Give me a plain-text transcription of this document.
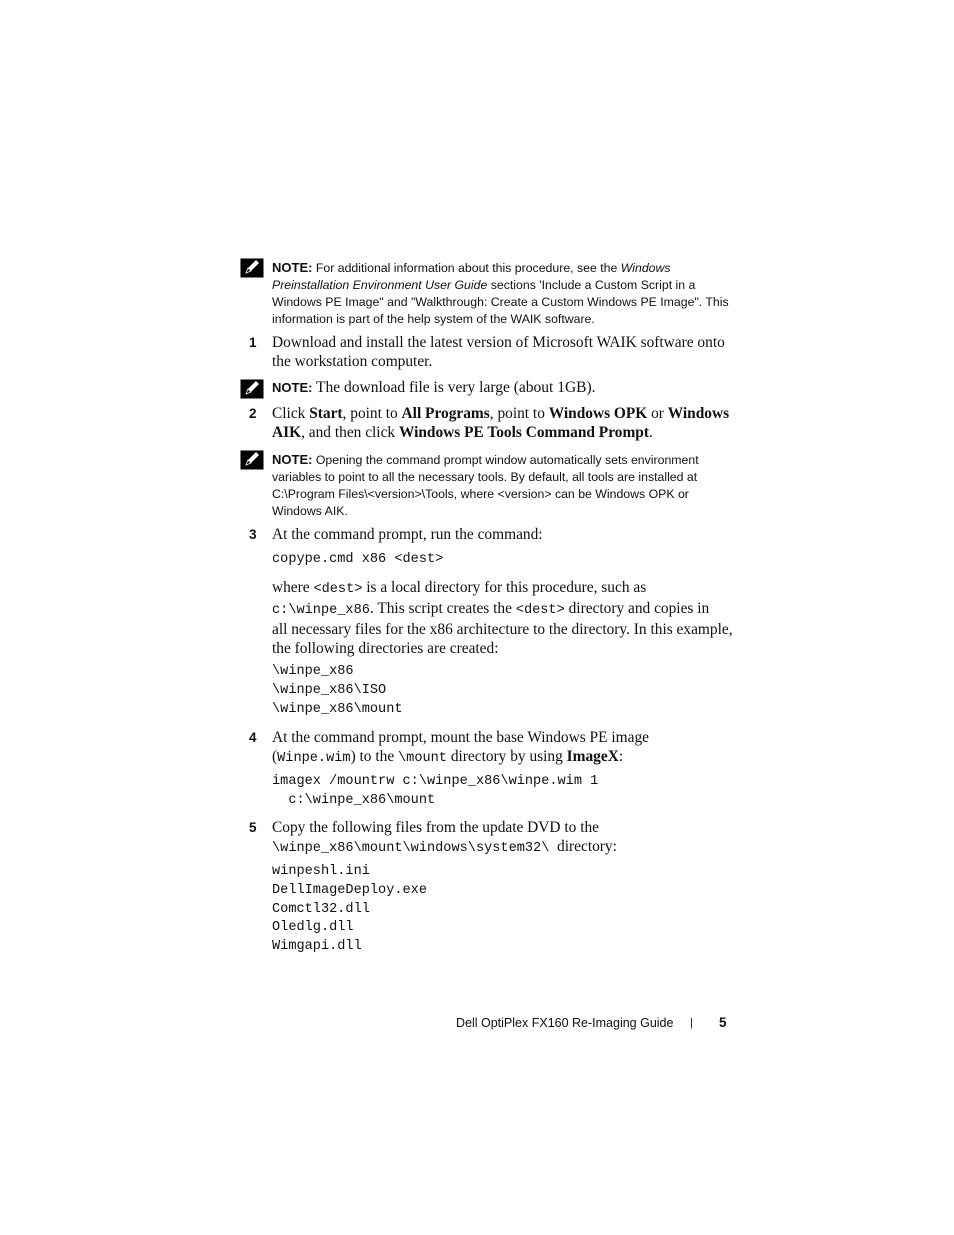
NOTE: For additional information about this procedure, see the Windows
Preinstallation Environment User Guide sections 'Include a Custom Script in a
Windows PE Image" and "Walkthrough: Create a Custom Windows PE Image". This
information is part of the help system of the WAIK software.
1 Download and install the latest version of Microsoft WAIK software onto
the workstation computer.
NOTE: The download file is very large (about 1GB).
2 Click Start, point to All Programs, point to Windows OPK or Windows
AIK, and then click Windows PE Tools Command Prompt.
NOTE: Opening the command prompt window automatically sets environment
variables to point to all the necessary tools. By default, all tools are installed at
C:\Program Files\<version>\Tools, where <version> can be Windows OPK or
Windows AIK.
3 At the command prompt, run the command:
copype.cmd x86 <dest>
where <dest> is a local directory for this procedure, such as
c:\winpe_x86. This script creates the <dest> directory and copies in
all necessary files for the x86 architecture to the directory. In this example,
the following directories are created:
\winpe_x86
\winpe_x86\ISO
\winpe_x86\mount
4 At the command prompt, mount the base Windows PE image
(Winpe.wim) to the \mount directory by using ImageX:
imagex /mountrw c:\winpe_x86\winpe.wim 1
c:\winpe_x86\mount
5 Copy the following files from the update DVD to the
\winpe_x86\mount\windows\system32\  directory:
winpeshl.ini
DellImageDeploy.exe
Comctl32.dll
Oledlg.dll
Wimgapi.dll
Dell OptiPlex FX160 Re-Imaging Guide | 5
